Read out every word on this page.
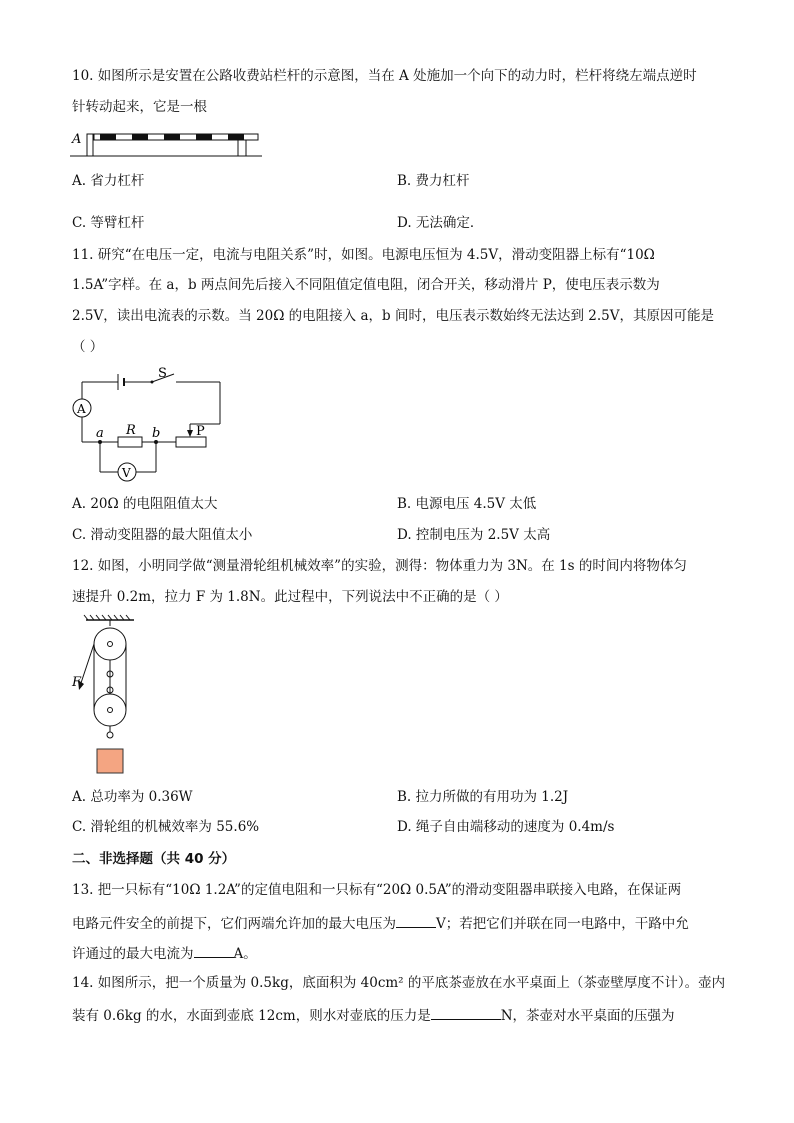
10. 如图所示是安置在公路收费站栏杆的示意图，当在 A 处施加一个向下的动力时，栏杆将绕左端点逆时
针转动起来，它是一根
A
A. 省力杠杆	B. 费力杠杆
C. 等臂杠杆	D. 无法确定．
11. 研究“在电压一定，电流与电阻关系”时，如图。电源电压恒为 4.5V，滑动变阻器上标有“10Ω
1.5A”字样。在 a，b 两点间先后接入不同阻值定值电阻，闭合开关，移动滑片 P，使电压表示数为
2.5V，读出电流表的示数。当 20Ω 的电阻接入 a，b 间时，电压表示数始终无法达到 2.5V，其原因可能是
（ ）
S
A
V
a R b	P
A. 20Ω 的电阻阻值太大	B. 电源电压 4.5V 太低
C. 滑动变阻器的最大阻值太小	D. 控制电压为 2.5V 太高
12. 如图，小明同学做“测量滑轮组机械效率”的实验，测得：物体重力为 3N。在 1s 的时间内将物体匀
速提升 0.2m，拉力 F 为 1.8N。此过程中，下列说法中不正确的是（ ）
F
A. 总功率为 0.36W	B. 拉力所做的有用功为 1.2J
C. 滑轮组的机械效率为 55.6%	D. 绳子自由端移动的速度为 0.4m/s
二、非选择题（共 40 分）
13. 把一只标有“10Ω 1.2A”的定值电阻和一只标有“20Ω 0.5A”的滑动变阻器串联接入电路，在保证两
电路元件安全的前提下，它们两端允许加的最大电压为	V；若把它们并联在同一电路中，干路中允
许通过的最大电流为	A。
14. 如图所示，把一个质量为 0.5kg，底面积为 40cm² 的平底茶壶放在水平桌面上（茶壶壁厚度不计）。壶内
装有 0.6kg 的水，水面到壶底 12cm，则水对壶底的压力是	N，茶壶对水平桌面的压强为
